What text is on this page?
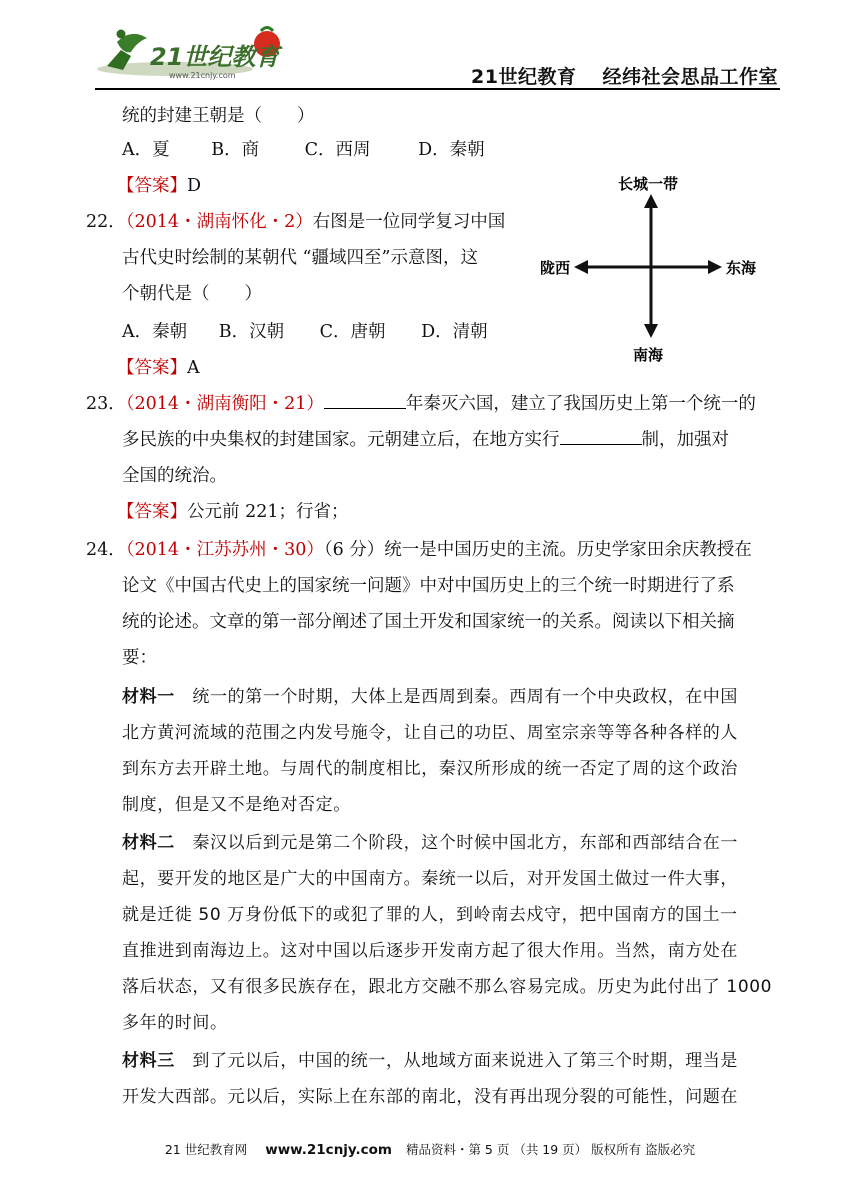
21世纪教育
www.21cnjy.com	21世纪教育 经纬社会思品工作室
统的封建王朝是（　　）
A．夏 B．商	C．西周	D．秦朝
【答案】D
22．（2014・湖南怀化・2）右图是一位同学复习中国
古代史时绘制的某朝代 “疆域四至”示意图，这
个朝代是（　　）
A．秦朝 B．汉朝 C．唐朝 D．清朝
【答案】A
长城一带
陇西	东海
南海
23．（2014・湖南衡阳・21）	年秦灭六国，建立了我国历史上第一个统一的
多民族的中央集权的封建国家。元朝建立后，在地方实行	制，加强对
全国的统治。
【答案】公元前 221；行省；
24．（2014・江苏苏州・30）（6 分）统一是中国历史的主流。历史学家田余庆教授在
论文《中国古代史上的国家统一问题》中对中国历史上的三个统一时期进行了系
统的论述。文章的第一部分阐述了国土开发和国家统一的关系。阅读以下相关摘
要：
材料一　统一的第一个时期，大体上是西周到秦。西周有一个中央政权，在中国
北方黄河流域的范围之内发号施令，让自己的功臣、周室宗亲等等各种各样的人
到东方去开辟土地。与周代的制度相比，秦汉所形成的统一否定了周的这个政治
制度，但是又不是绝对否定。
材料二　秦汉以后到元是第二个阶段，这个时候中国北方，东部和西部结合在一
起，要开发的地区是广大的中国南方。秦统一以后，对开发国土做过一件大事，
就是迁徙 50 万身份低下的或犯了罪的人，到岭南去戍守，把中国南方的国土一
直推进到南海边上。这对中国以后逐步开发南方起了很大作用。当然，南方处在
落后状态，又有很多民族存在，跟北方交融不那么容易完成。历史为此付出了 1000
多年的时间。
材料三　到了元以后，中国的统一，从地域方面来说进入了第三个时期，理当是
开发大西部。元以后，实际上在东部的南北，没有再出现分裂的可能性，问题在
21 世纪教育网 www.21cnjy.com 精品资料・第 5 页 （共 19 页） 版权所有 盗版必究
